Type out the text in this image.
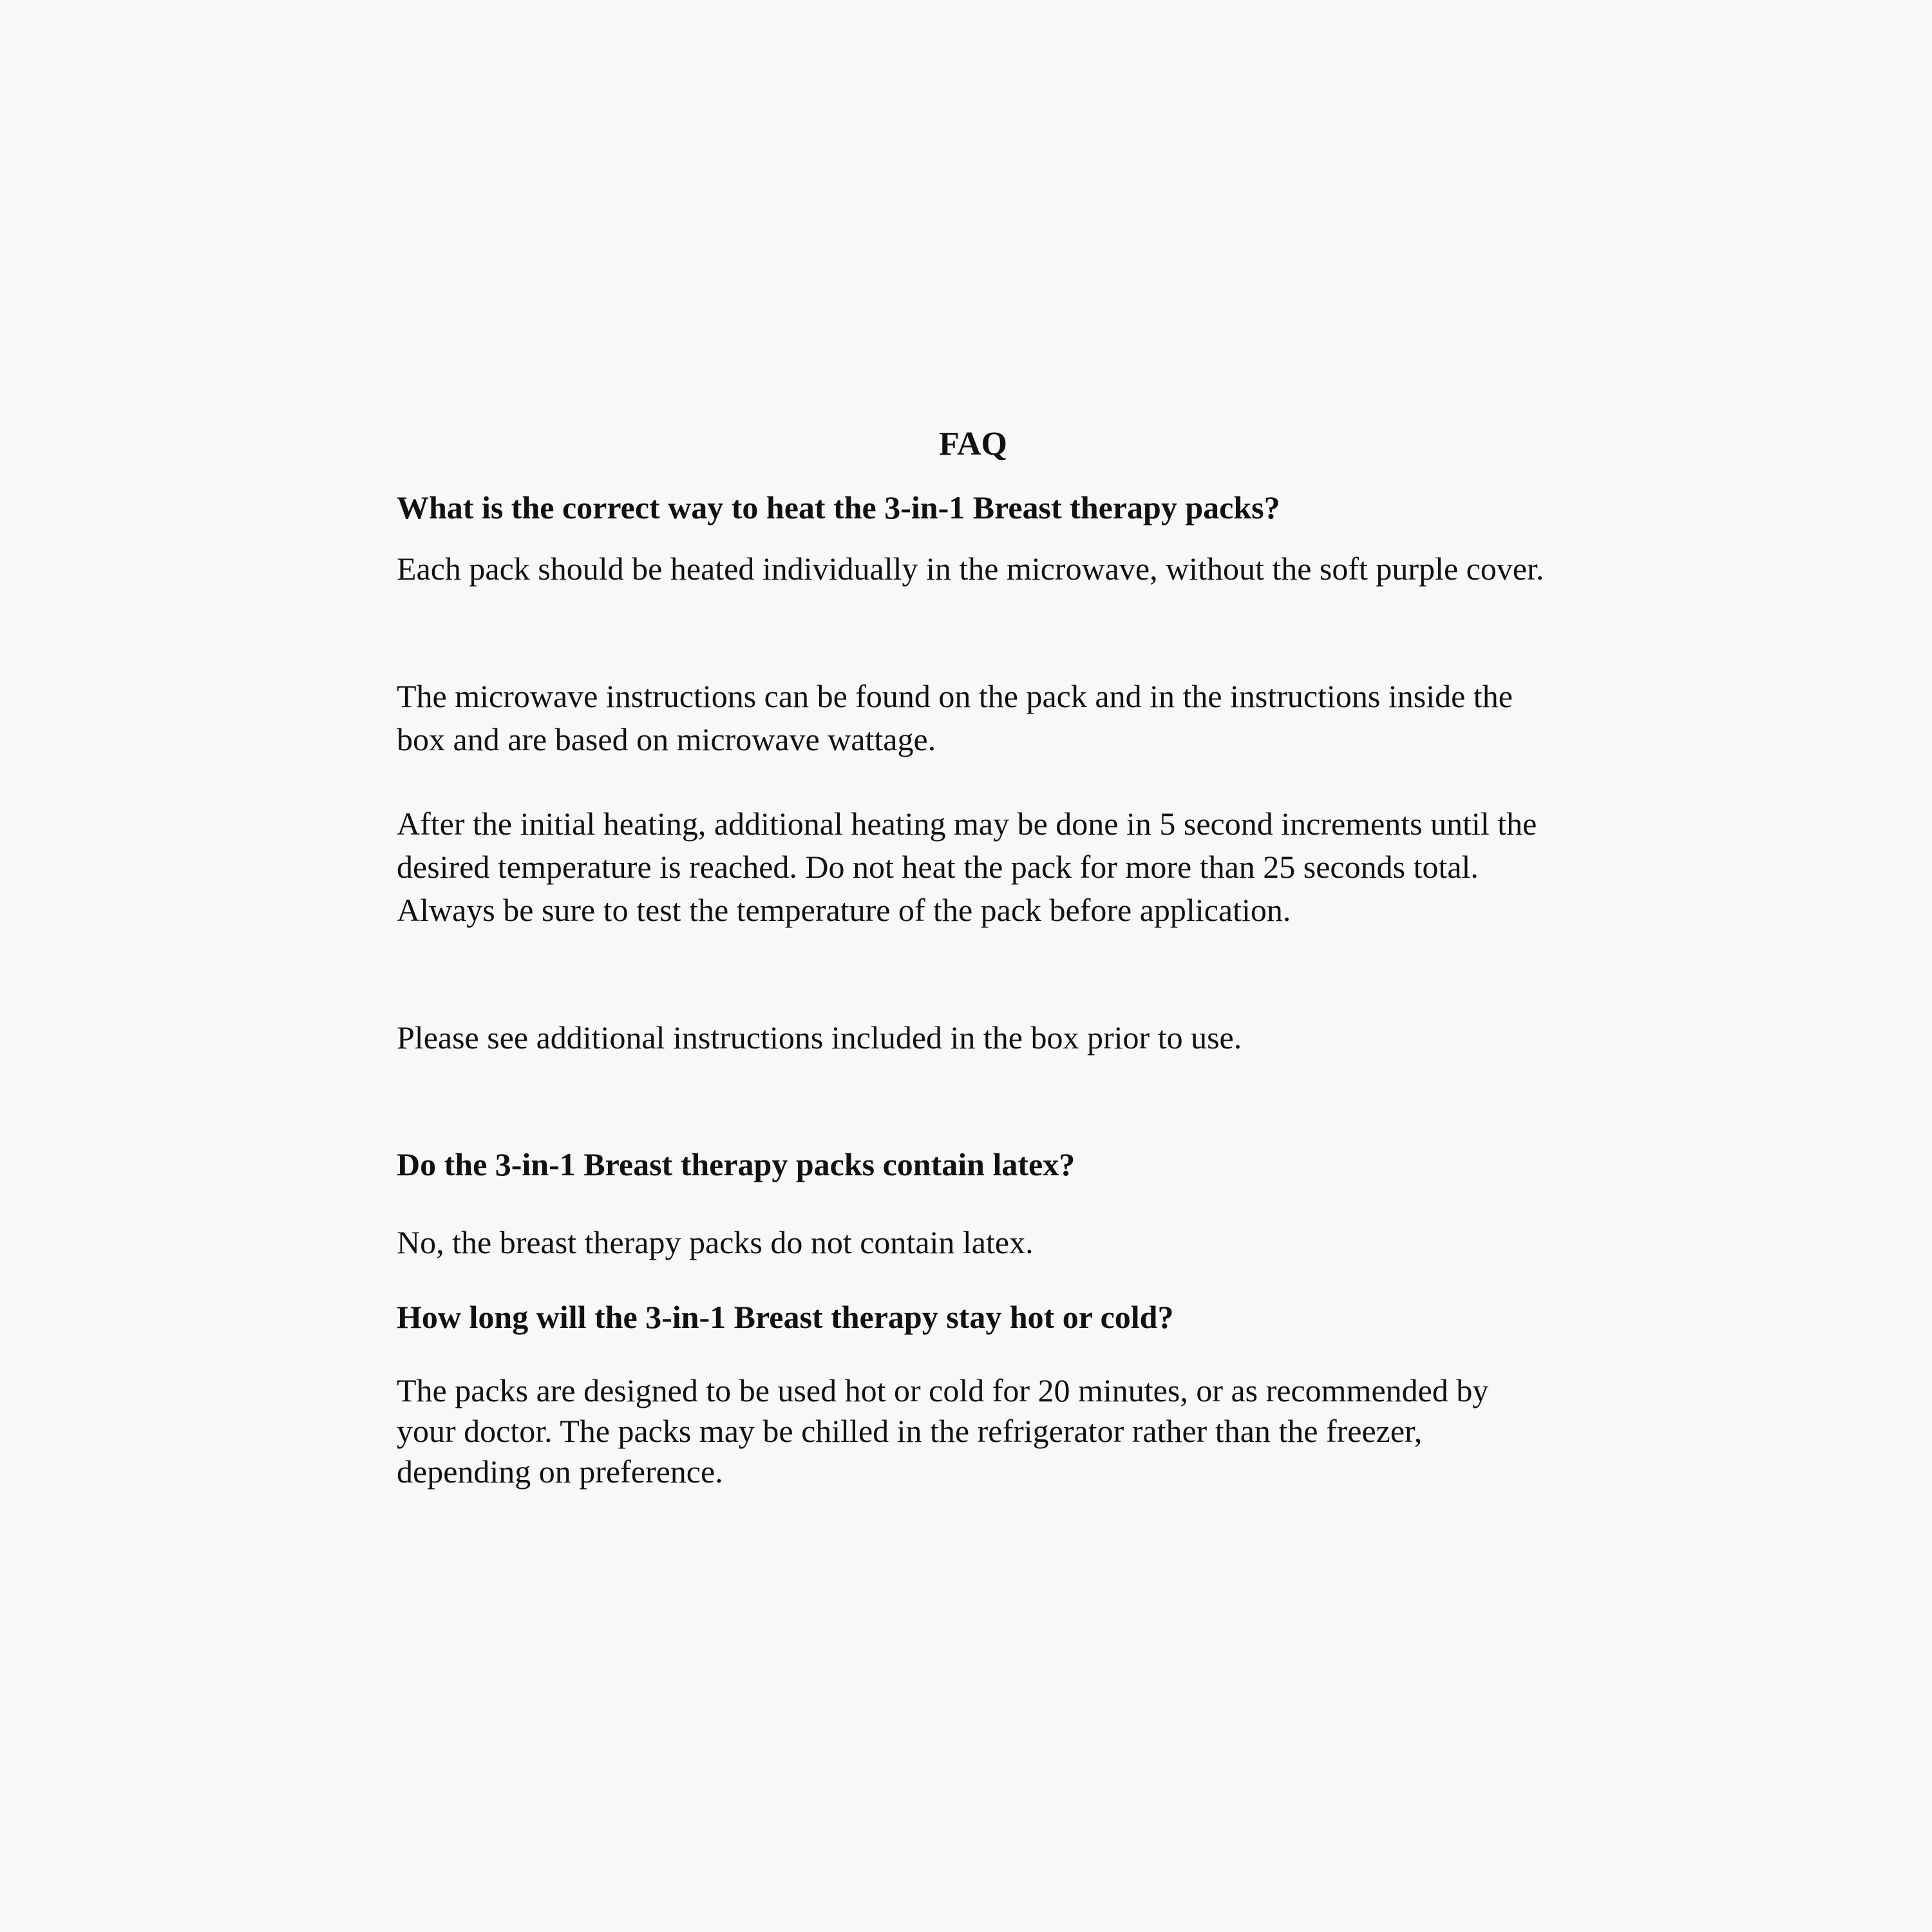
FAQ

What is the correct way to heat the 3-in-1 Breast therapy packs?

Each pack should be heated individually in the microwave, without the soft purple cover.

The microwave instructions can be found on the pack and in the instructions inside the box and are based on microwave wattage.

After the initial heating, additional heating may be done in 5 second increments until the desired temperature is reached. Do not heat the pack for more than 25 seconds total. Always be sure to test the temperature of the pack before application.

Please see additional instructions included in the box prior to use.

Do the 3-in-1 Breast therapy packs contain latex?

No, the breast therapy packs do not contain latex.

How long will the 3-in-1 Breast therapy stay hot or cold?

The packs are designed to be used hot or cold for 20 minutes, or as recommended by your doctor. The packs may be chilled in the refrigerator rather than the freezer, depending on preference.
